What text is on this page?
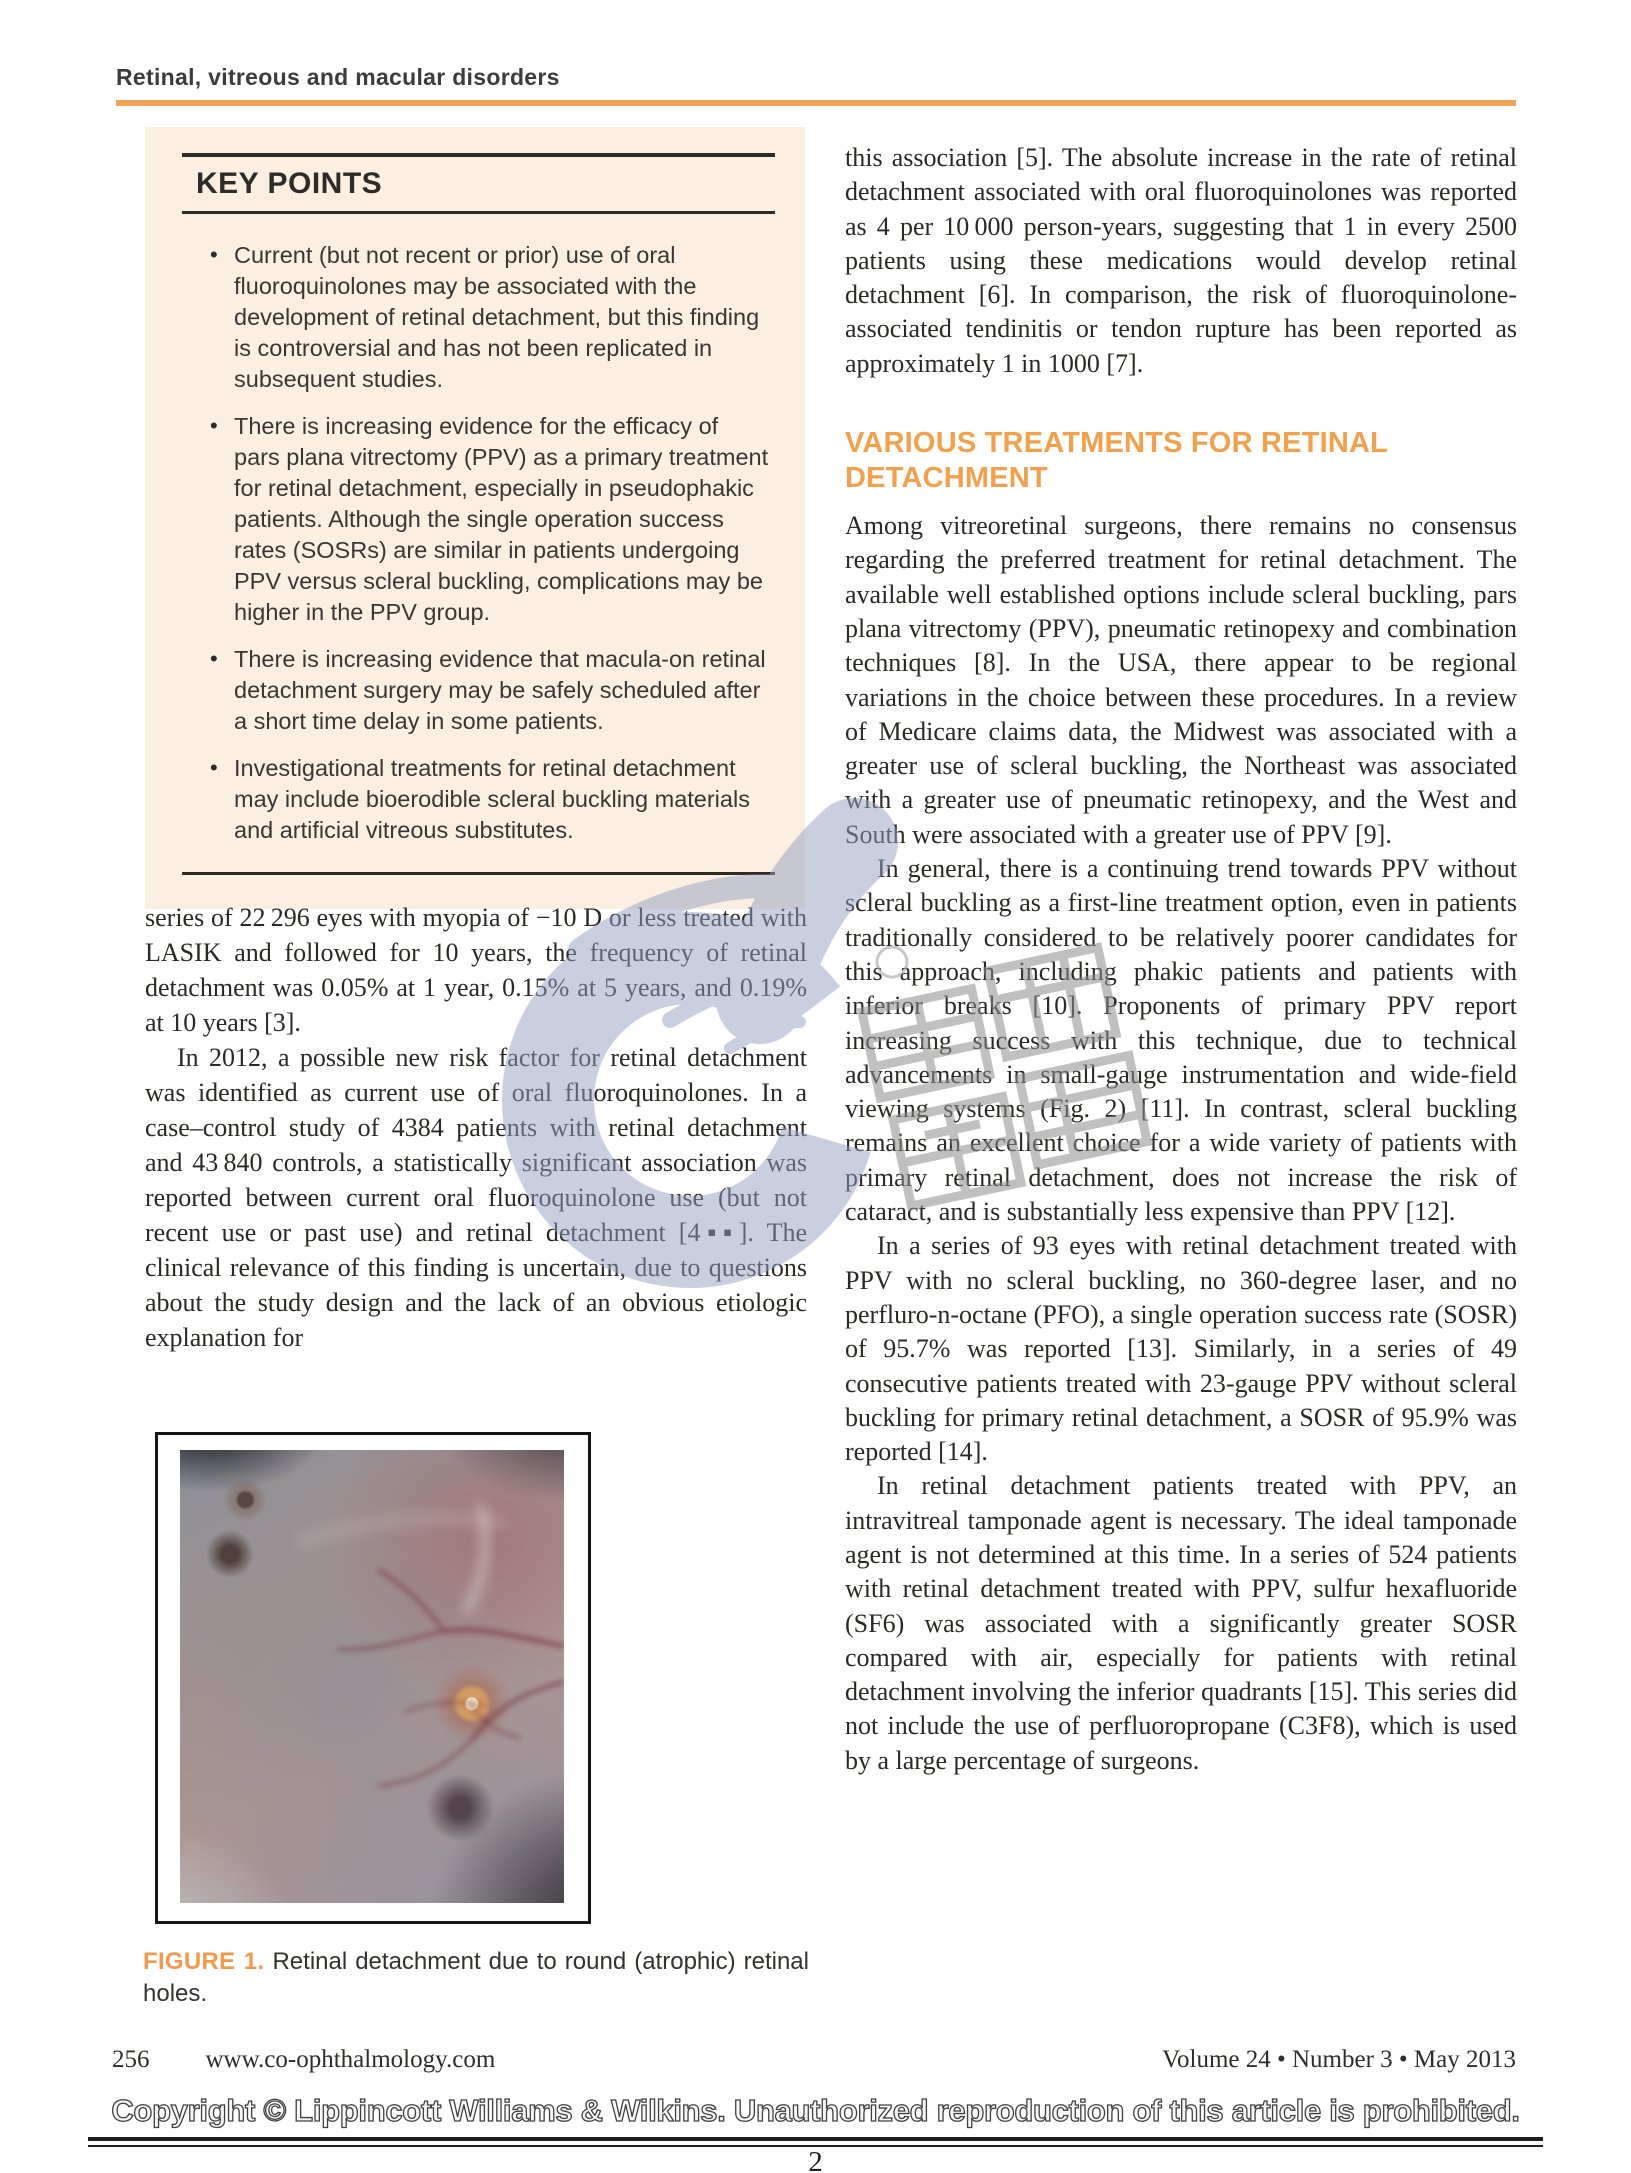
Retinal, vitreous and macular disorders
KEY POINTS
• Current (but not recent or prior) use of oral fluoroquinolones may be associated with the development of retinal detachment, but this finding is controversial and has not been replicated in subsequent studies.
• There is increasing evidence for the efficacy of pars plana vitrectomy (PPV) as a primary treatment for retinal detachment, especially in pseudophakic patients. Although the single operation success rates (SOSRs) are similar in patients undergoing PPV versus scleral buckling, complications may be higher in the PPV group.
• There is increasing evidence that macula-on retinal detachment surgery may be safely scheduled after a short time delay in some patients.
• Investigational treatments for retinal detachment may include bioerodible scleral buckling materials and artificial vitreous substitutes.

series of 22 296 eyes with myopia of −10 D or less treated with LASIK and followed for 10 years, the frequency of retinal detachment was 0.05% at 1 year, 0.15% at 5 years, and 0.19% at 10 years [3].

In 2012, a possible new risk factor for retinal detachment was identified as current use of oral fluoroquinolones. In a case–control study of 4384 patients with retinal detachment and 43 840 controls, a statistically significant association was reported between current oral fluoroquinolone use (but not recent use or past use) and retinal detachment [4▪▪]. The clinical relevance of this finding is uncertain, due to questions about the study design and the lack of an obvious etiologic explanation for

FIGURE 1. Retinal detachment due to round (atrophic) retinal holes.

this association [5]. The absolute increase in the rate of retinal detachment associated with oral fluoroquinolones was reported as 4 per 10 000 person-years, suggesting that 1 in every 2500 patients using these medications would develop retinal detachment [6]. In comparison, the risk of fluoroquinolone-associated tendinitis or tendon rupture has been reported as approximately 1 in 1000 [7].

VARIOUS TREATMENTS FOR RETINAL DETACHMENT

Among vitreoretinal surgeons, there remains no consensus regarding the preferred treatment for retinal detachment. The available well established options include scleral buckling, pars plana vitrectomy (PPV), pneumatic retinopexy and combination techniques [8]. In the USA, there appear to be regional variations in the choice between these procedures. In a review of Medicare claims data, the Midwest was associated with a greater use of scleral buckling, the Northeast was associated with a greater use of pneumatic retinopexy, and the West and South were associated with a greater use of PPV [9].

In general, there is a continuing trend towards PPV without scleral buckling as a first-line treatment option, even in patients traditionally considered to be relatively poorer candidates for this approach, including phakic patients and patients with inferior breaks [10]. Proponents of primary PPV report increasing success with this technique, due to technical advancements in small-gauge instrumentation and wide-field viewing systems (Fig. 2) [11]. In contrast, scleral buckling remains an excellent choice for a wide variety of patients with primary retinal detachment, does not increase the risk of cataract, and is substantially less expensive than PPV [12].

In a series of 93 eyes with retinal detachment treated with PPV with no scleral buckling, no 360-degree laser, and no perfluro-n-octane (PFO), a single operation success rate (SOSR) of 95.7% was reported [13]. Similarly, in a series of 49 consecutive patients treated with 23-gauge PPV without scleral buckling for primary retinal detachment, a SOSR of 95.9% was reported [14].

In retinal detachment patients treated with PPV, an intravitreal tamponade agent is necessary. The ideal tamponade agent is not determined at this time. In a series of 524 patients with retinal detachment treated with PPV, sulfur hexafluoride (SF6) was associated with a significantly greater SOSR compared with air, especially for patients with retinal detachment involving the inferior quadrants [15]. This series did not include the use of perfluoropropane (C3F8), which is used by a large percentage of surgeons.

256 www.co-ophthalmology.com	Volume 24 • Number 3 • May 2013
Copyright © Lippincott Williams & Wilkins. Unauthorized reproduction of this article is prohibited.
2
